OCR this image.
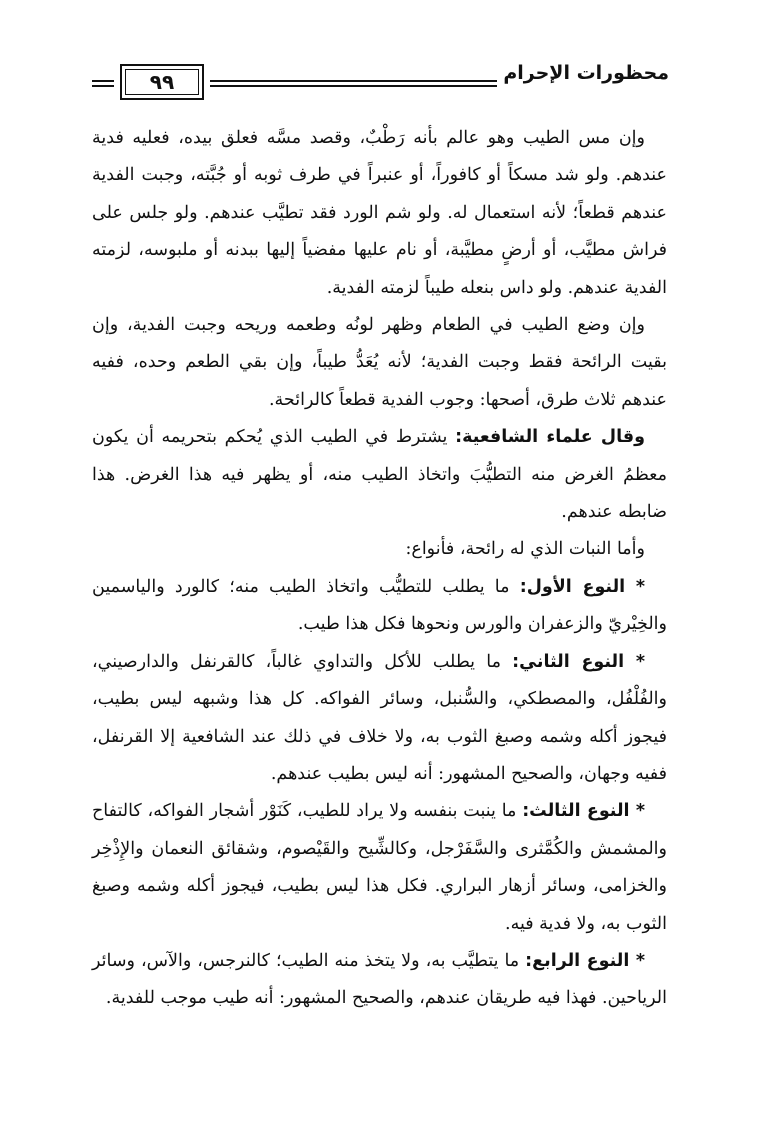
محظورات الإحرام
٩٩

وإن مس الطيب وهو عالم بأنه رَطْبٌ، وقصد مسَّه فعلق بيده، فعليه فدية عندهم. ولو شد مسكاً أو كافوراً، أو عنبراً في طرف ثوبه أو جُبَّته، وجبت الفدية عندهم قطعاً؛ لأنه استعمال له. ولو شم الورد فقد تطيَّب عندهم. ولو جلس على فراش مطيَّب، أو أرضٍ مطيَّبة، أو نام عليها مفضياً إليها ببدنه أو ملبوسه، لزمته الفدية عندهم. ولو داس بنعله طيباً لزمته الفدية.

وإن وضع الطيب في الطعام وظهر لونُه وطعمه وريحه وجبت الفدية، وإن بقيت الرائحة فقط وجبت الفدية؛ لأنه يُعَدُّ طيباً، وإن بقي الطعم وحده، ففيه عندهم ثلاث طرق، أصحها: وجوب الفدية قطعاً كالرائحة.

وقال علماء الشافعية: يشترط في الطيب الذي يُحكم بتحريمه أن يكون معظمُ الغرض منه التطيُّبَ واتخاذ الطيب منه، أو يظهر فيه هذا الغرض. هذا ضابطه عندهم.

وأما النبات الذي له رائحة، فأنواع:

* النوع الأول: ما يطلب للتطيُّب واتخاذ الطيب منه؛ كالورد والياسمين والخِيْريّ والزعفران والورس ونحوها فكل هذا طيب.

* النوع الثاني: ما يطلب للأكل والتداوي غالباً، كالقرنفل والدارصيني، والفُلْفُل، والمصطكي، والسُّنبل، وسائر الفواكه. كل هذا وشبهه ليس بطيب، فيجوز أكله وشمه وصبغ الثوب به، ولا خلاف في ذلك عند الشافعية إلا القرنفل، ففيه وجهان، والصحيح المشهور: أنه ليس بطيب عندهم.

* النوع الثالث: ما ينبت بنفسه ولا يراد للطيب، كَنَوْر أشجار الفواكه، كالتفاح والمشمش والكُمَّثرى والسَّفَرْجل، وكالشِّيح والقَيْصوم، وشقائق النعمان والإِذْخِر والخزامى، وسائر أزهار البراري. فكل هذا ليس بطيب، فيجوز أكله وشمه وصبغ الثوب به، ولا فدية فيه.

* النوع الرابع: ما يتطيَّب به، ولا يتخذ منه الطيب؛ كالنرجس، والآس، وسائر الرياحين. فهذا فيه طريقان عندهم، والصحيح المشهور: أنه طيب موجب للفدية.
